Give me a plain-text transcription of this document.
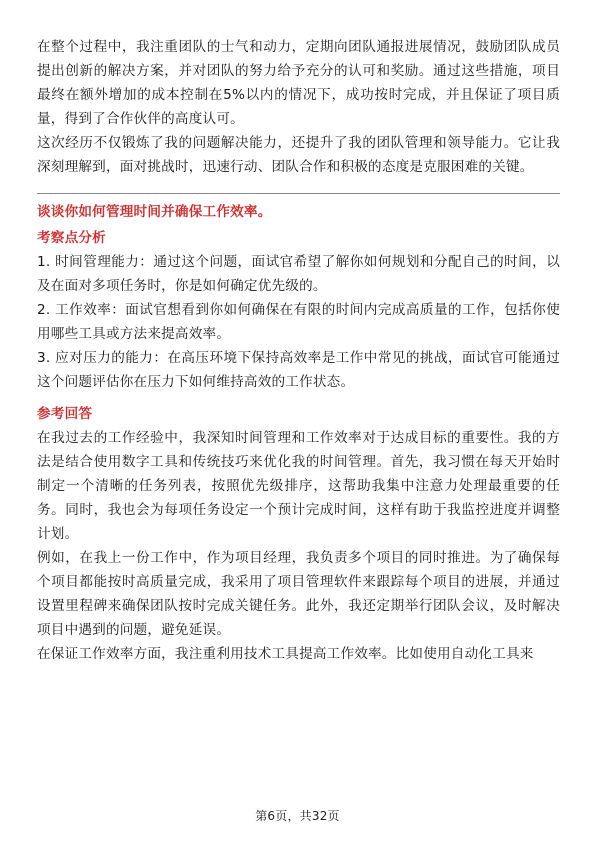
在整个过程中，我注重团队的士气和动力，定期向团队通报进展情况，鼓励团队成员提出创新的解决方案，并对团队的努力给予充分的认可和奖励。通过这些措施，项目最终在额外增加的成本控制在5%以内的情况下，成功按时完成，并且保证了项目质量，得到了合作伙伴的高度认可。

这次经历不仅锻炼了我的问题解决能力，还提升了我的团队管理和领导能力。它让我深刻理解到，面对挑战时，迅速行动、团队合作和积极的态度是克服困难的关键。

谈谈你如何管理时间并确保工作效率。

考察点分析

1. 时间管理能力：通过这个问题，面试官希望了解你如何规划和分配自己的时间，以及在面对多项任务时，你是如何确定优先级的。

2. 工作效率：面试官想看到你如何确保在有限的时间内完成高质量的工作，包括你使用哪些工具或方法来提高效率。

3. 应对压力的能力：在高压环境下保持高效率是工作中常见的挑战，面试官可能通过这个问题评估你在压力下如何维持高效的工作状态。

参考回答

在我过去的工作经验中，我深知时间管理和工作效率对于达成目标的重要性。我的方法是结合使用数字工具和传统技巧来优化我的时间管理。首先，我习惯在每天开始时制定一个清晰的任务列表，按照优先级排序，这帮助我集中注意力处理最重要的任务。同时，我也会为每项任务设定一个预计完成时间，这样有助于我监控进度并调整计划。

例如，在我上一份工作中，作为项目经理，我负责多个项目的同时推进。为了确保每个项目都能按时高质量完成，我采用了项目管理软件来跟踪每个项目的进展，并通过设置里程碑来确保团队按时完成关键任务。此外，我还定期举行团队会议，及时解决项目中遇到的问题，避免延误。

在保证工作效率方面，我注重利用技术工具提高工作效率。比如使用自动化工具来

第6页，共32页
